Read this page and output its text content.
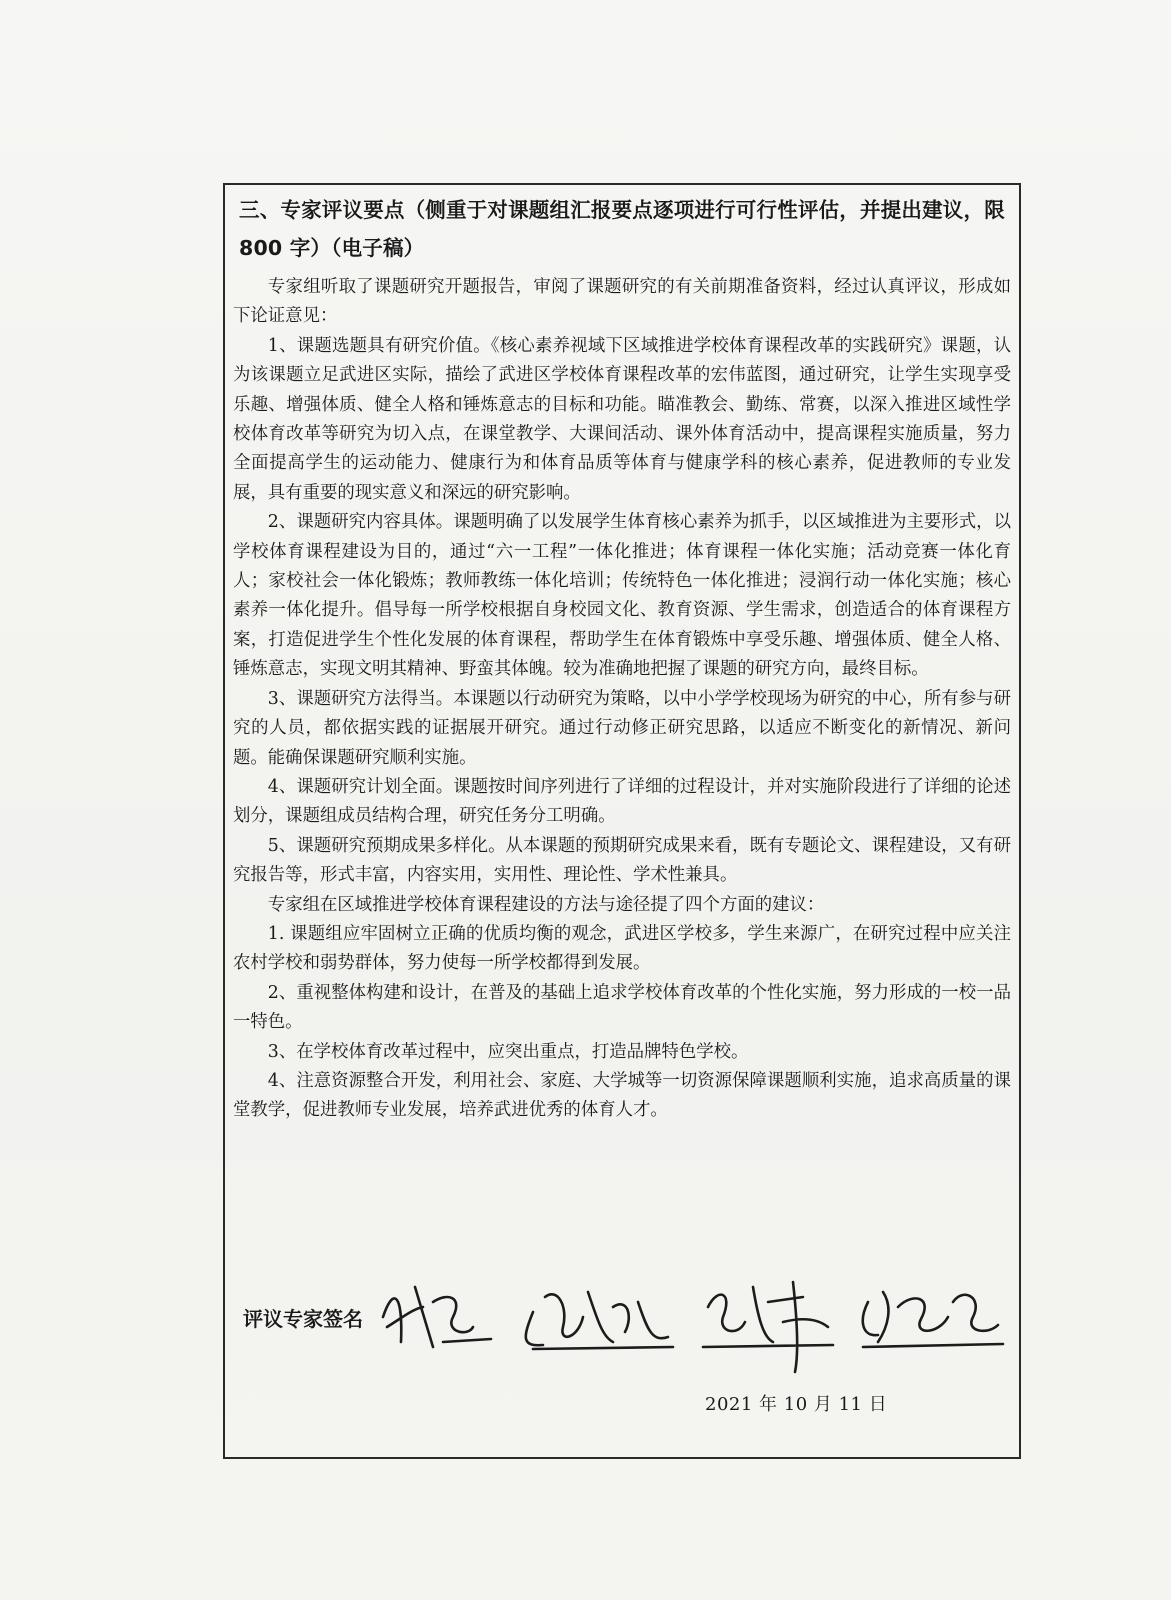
三、专家评议要点（侧重于对课题组汇报要点逐项进行可行性评估，并提出建议，限 800 字）（电子稿）

专家组听取了课题研究开题报告，审阅了课题研究的有关前期准备资料，经过认真评议，形成如下论证意见：

1、课题选题具有研究价值。《核心素养视域下区域推进学校体育课程改革的实践研究》课题，认为该课题立足武进区实际，描绘了武进区学校体育课程改革的宏伟蓝图，通过研究，让学生实现享受乐趣、增强体质、健全人格和锤炼意志的目标和功能。瞄准教会、勤练、常赛，以深入推进区域性学校体育改革等研究为切入点，在课堂教学、大课间活动、课外体育活动中，提高课程实施质量，努力全面提高学生的运动能力、健康行为和体育品质等体育与健康学科的核心素养，促进教师的专业发展，具有重要的现实意义和深远的研究影响。

2、课题研究内容具体。课题明确了以发展学生体育核心素养为抓手，以区域推进为主要形式，以学校体育课程建设为目的，通过“六一工程”一体化推进；体育课程一体化实施；活动竞赛一体化育人；家校社会一体化锻炼；教师教练一体化培训；传统特色一体化推进；浸润行动一体化实施；核心素养一体化提升。倡导每一所学校根据自身校园文化、教育资源、学生需求，创造适合的体育课程方案，打造促进学生个性化发展的体育课程，帮助学生在体育锻炼中享受乐趣、增强体质、健全人格、锤炼意志，实现文明其精神、野蛮其体魄。较为准确地把握了课题的研究方向，最终目标。

3、课题研究方法得当。本课题以行动研究为策略，以中小学学校现场为研究的中心，所有参与研究的人员，都依据实践的证据展开研究。通过行动修正研究思路，以适应不断变化的新情况、新问题。能确保课题研究顺利实施。

4、课题研究计划全面。课题按时间序列进行了详细的过程设计，并对实施阶段进行了详细的论述划分，课题组成员结构合理，研究任务分工明确。

5、课题研究预期成果多样化。从本课题的预期研究成果来看，既有专题论文、课程建设，又有研究报告等，形式丰富，内容实用，实用性、理论性、学术性兼具。

专家组在区域推进学校体育课程建设的方法与途径提了四个方面的建议：

1. 课题组应牢固树立正确的优质均衡的观念，武进区学校多，学生来源广，在研究过程中应关注农村学校和弱势群体，努力使每一所学校都得到发展。

2、重视整体构建和设计，在普及的基础上追求学校体育改革的个性化实施，努力形成的一校一品一特色。

3、在学校体育改革过程中，应突出重点，打造品牌特色学校。

4、注意资源整合开发，利用社会、家庭、大学城等一切资源保障课题顺利实施，追求高质量的课堂教学，促进教师专业发展，培养武进优秀的体育人才。

评议专家签名
2021 年 10 月 11 日
